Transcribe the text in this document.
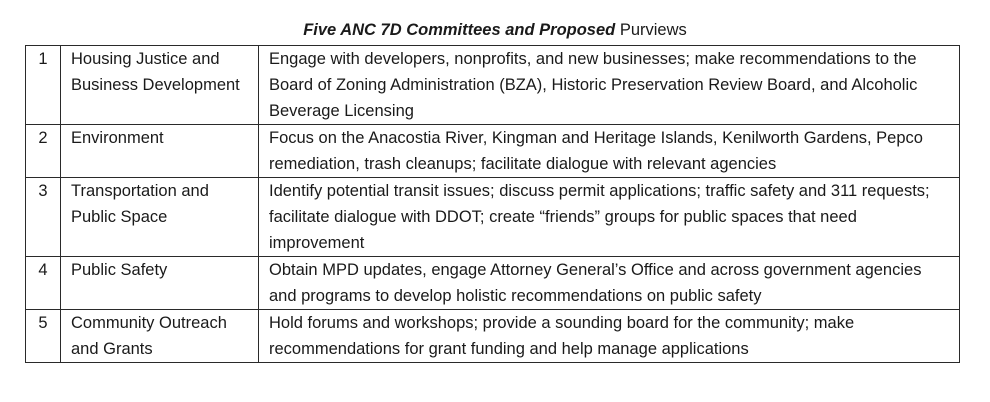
Five ANC 7D Committees and Proposed Purviews
1	Housing Justice and Business Development	Engage with developers, nonprofits, and new businesses; make recommendations to the Board of Zoning Administration (BZA), Historic Preservation Review Board, and Alcoholic Beverage Licensing
2	Environment	Focus on the Anacostia River, Kingman and Heritage Islands, Kenilworth Gardens, Pepco remediation, trash cleanups; facilitate dialogue with relevant agencies
3	Transportation and Public Space	Identify potential transit issues; discuss permit applications; traffic safety and 311 requests; facilitate dialogue with DDOT; create “friends” groups for public spaces that need improvement
4	Public Safety	Obtain MPD updates, engage Attorney General’s Office and across government agencies and programs to develop holistic recommendations on public safety
5	Community Outreach and Grants	Hold forums and workshops; provide a sounding board for the community; make recommendations for grant funding and help manage applications
